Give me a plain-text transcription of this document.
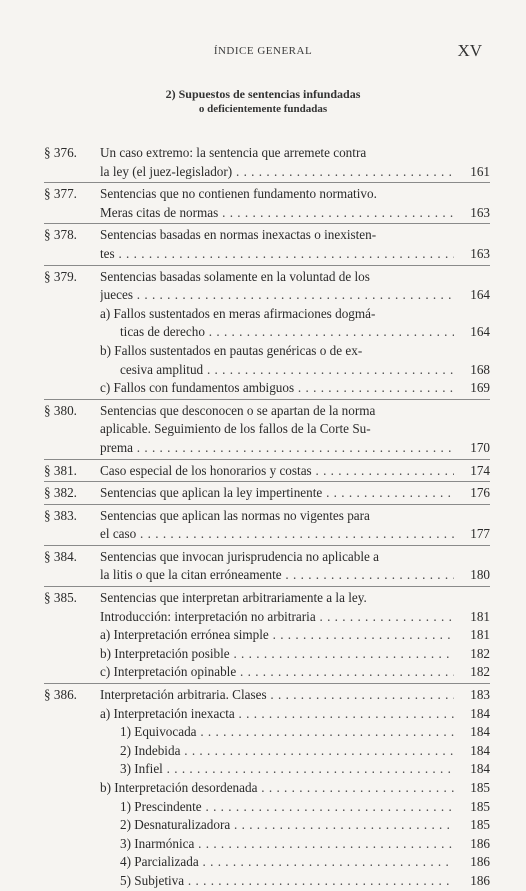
ÍNDICE GENERAL	XV
2) Supuestos de sentencias infundadas
o deficientemente fundadas
§ 376.	Un caso extremo: la sentencia que arremete contra
la ley (el juez-legislador) . . .	161
§ 377.	Sentencias que no contienen fundamento normativo.
Meras citas de normas . . .	163
§ 378.	Sentencias basadas en normas inexactas o inexisten-
tes . . .	163
§ 379.	Sentencias basadas solamente en la voluntad de los
jueces . . .	164
a) Fallos sustentados en meras afirmaciones dogmá-
ticas de derecho . . .	164
b) Fallos sustentados en pautas genéricas o de ex-
cesiva amplitud . . .	168
c) Fallos con fundamentos ambiguos . . .	169
§ 380.	Sentencias que desconocen o se apartan de la norma
aplicable. Seguimiento de los fallos de la Corte Su-
prema . . .	170
§ 381.	Caso especial de los honorarios y costas . . .	174
§ 382.	Sentencias que aplican la ley impertinente . . .	176
§ 383.	Sentencias que aplican las normas no vigentes para
el caso . . .	177
§ 384.	Sentencias que invocan jurisprudencia no aplicable a
la litis o que la citan erróneamente . . .	180
§ 385.	Sentencias que interpretan arbitrariamente a la ley.
Introducción: interpretación no arbitraria . . .	181
a) Interpretación errónea simple . . .	181
b) Interpretación posible . . .	182
c) Interpretación opinable . . .	182
§ 386.	Interpretación arbitraria. Clases . . .	183
a) Interpretación inexacta . . .	184
1) Equivocada . . .	184
2) Indebida . . .	184
3) Infiel . . .	184
b) Interpretación desordenada . . .	185
1) Prescindente . . .	185
2) Desnaturalizadora . . .	185
3) Inarmónica . . .	186
4) Parcializada . . .	186
5) Subjetiva . . .	186
